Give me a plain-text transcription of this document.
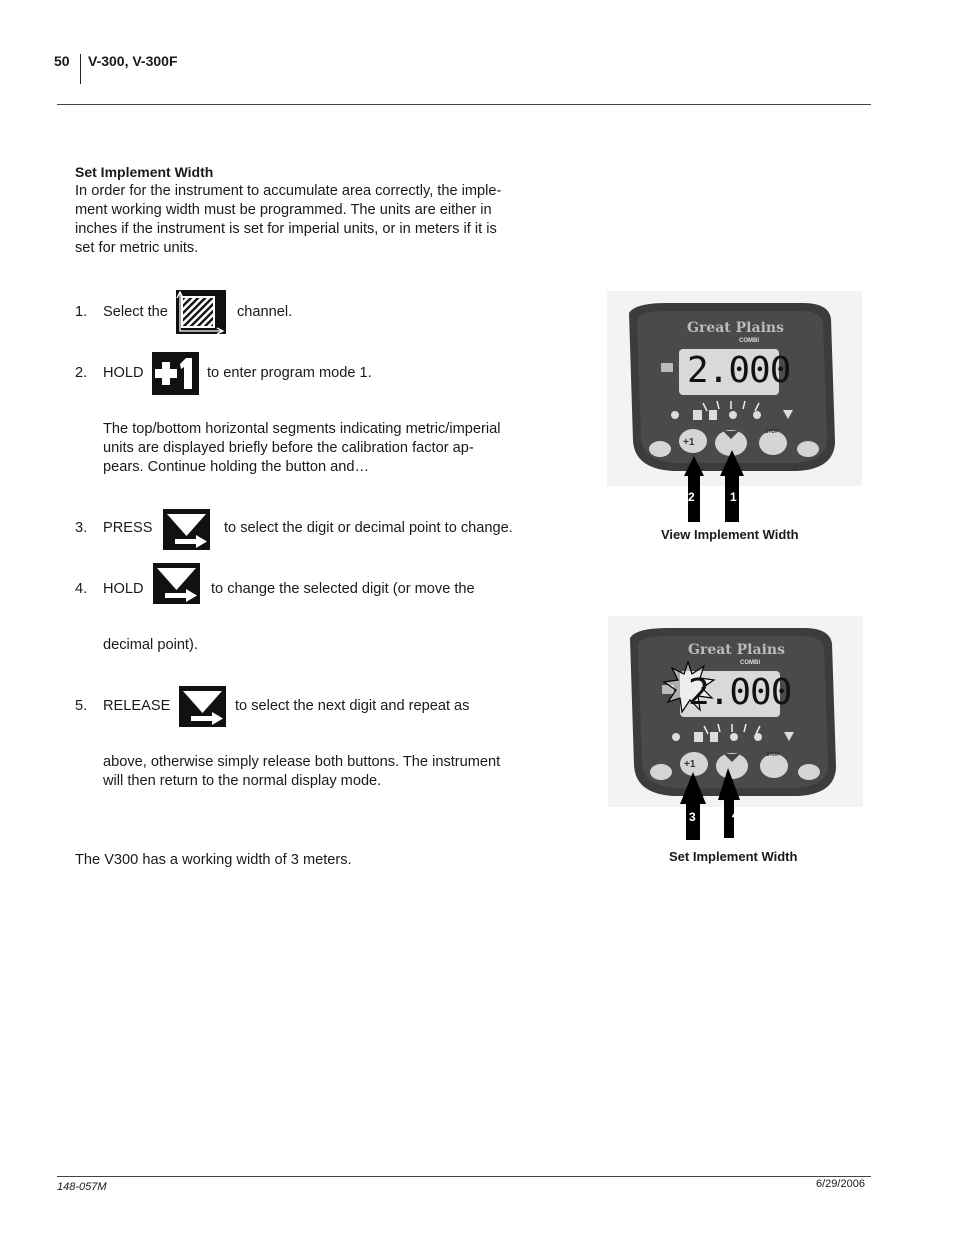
50 V-300, V-300F
Set Implement Width
In order for the instrument to accumulate area correctly, the imple-
ment working width must be programmed. The units are either in
inches if the instrument is set for imperial units, or in meters if it is
set for metric units.
1. Select the	channel.
2. HOLD	to enter program mode 1.
The top/bottom horizontal segments indicating metric/imperial
units are displayed briefly before the calibration factor ap-
pears. Continue holding the button and…
3. PRESS	to select the digit or decimal point to change.
4. HOLD	to change the selected digit (or move the
decimal point).
5. RELEASE	to select the next digit and repeat as
above, otherwise simply release both buttons. The instrument
will then return to the normal display mode.
The V300 has a working width of 3 meters.
Great Plains
COMBI
2.000
+1
STOP
2	1
View Implement Width
Great Plains
COMBI
2.000
+1
STOP
3	4
Set Implement Width
148-057M	6/29/2006
